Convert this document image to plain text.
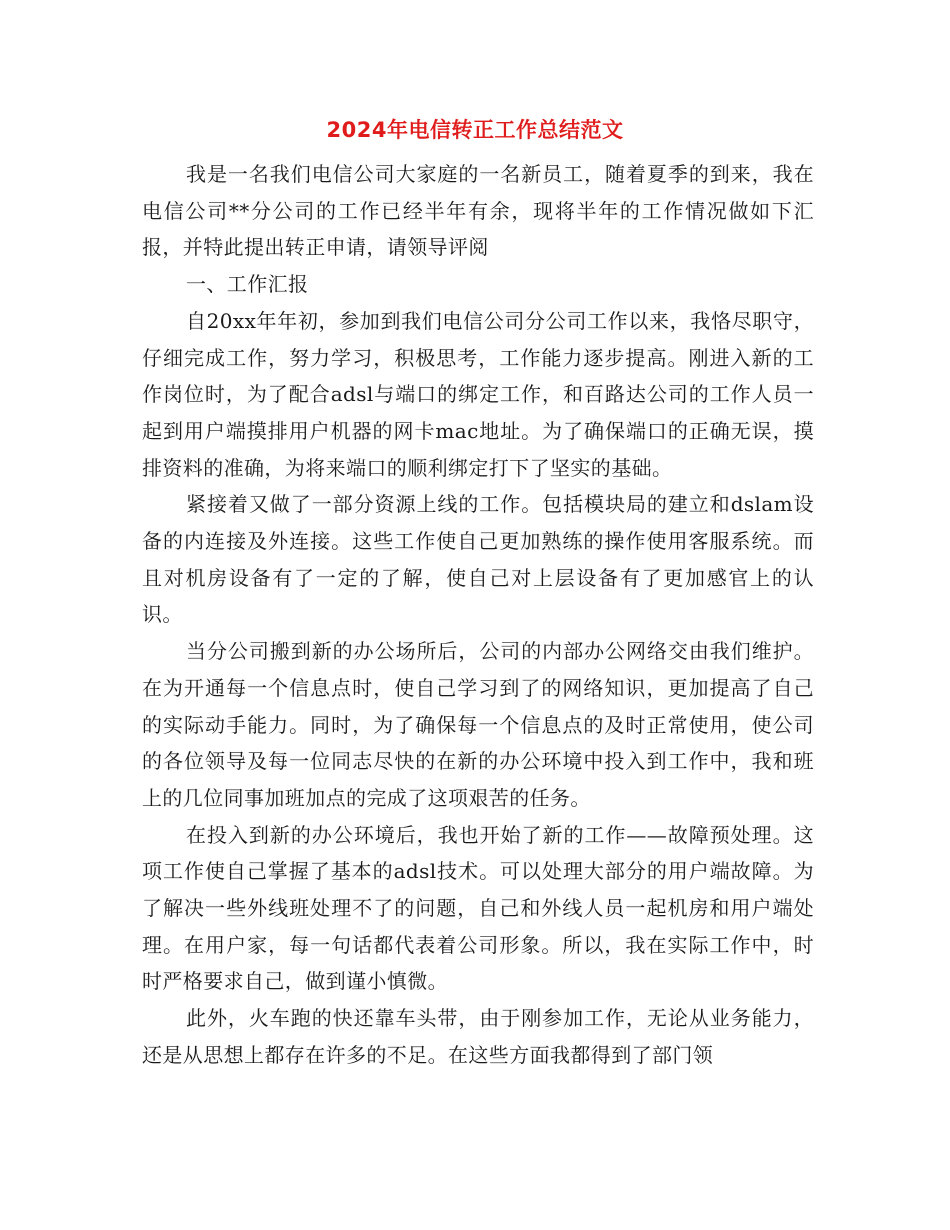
2024年电信转正工作总结范文

我是一名我们电信公司大家庭的一名新员工，随着夏季的到来，我在电信公司**分公司的工作已经半年有余，现将半年的工作情况做如下汇报，并特此提出转正申请，请领导评阅

一、工作汇报

自20xx年年初，参加到我们电信公司分公司工作以来，我恪尽职守，仔细完成工作，努力学习，积极思考，工作能力逐步提高。刚进入新的工作岗位时，为了配合adsl与端口的绑定工作，和百路达公司的工作人员一起到用户端摸排用户机器的网卡mac地址。为了确保端口的正确无误，摸排资料的准确，为将来端口的顺利绑定打下了坚实的基础。

紧接着又做了一部分资源上线的工作。包括模块局的建立和dslam设备的内连接及外连接。这些工作使自己更加熟练的操作使用客服系统。而且对机房设备有了一定的了解，使自己对上层设备有了更加感官上的认识。

当分公司搬到新的办公场所后，公司的内部办公网络交由我们维护。在为开通每一个信息点时，使自己学习到了的网络知识，更加提高了自己的实际动手能力。同时，为了确保每一个信息点的及时正常使用，使公司的各位领导及每一位同志尽快的在新的办公环境中投入到工作中，我和班上的几位同事加班加点的完成了这项艰苦的任务。

在投入到新的办公环境后，我也开始了新的工作——故障预处理。这项工作使自己掌握了基本的adsl技术。可以处理大部分的用户端故障。为了解决一些外线班处理不了的问题，自己和外线人员一起机房和用户端处理。在用户家，每一句话都代表着公司形象。所以，我在实际工作中，时时严格要求自己，做到谨小慎微。

此外，火车跑的快还靠车头带，由于刚参加工作，无论从业务能力，还是从思想上都存在许多的不足。在这些方面我都得到了部门领
